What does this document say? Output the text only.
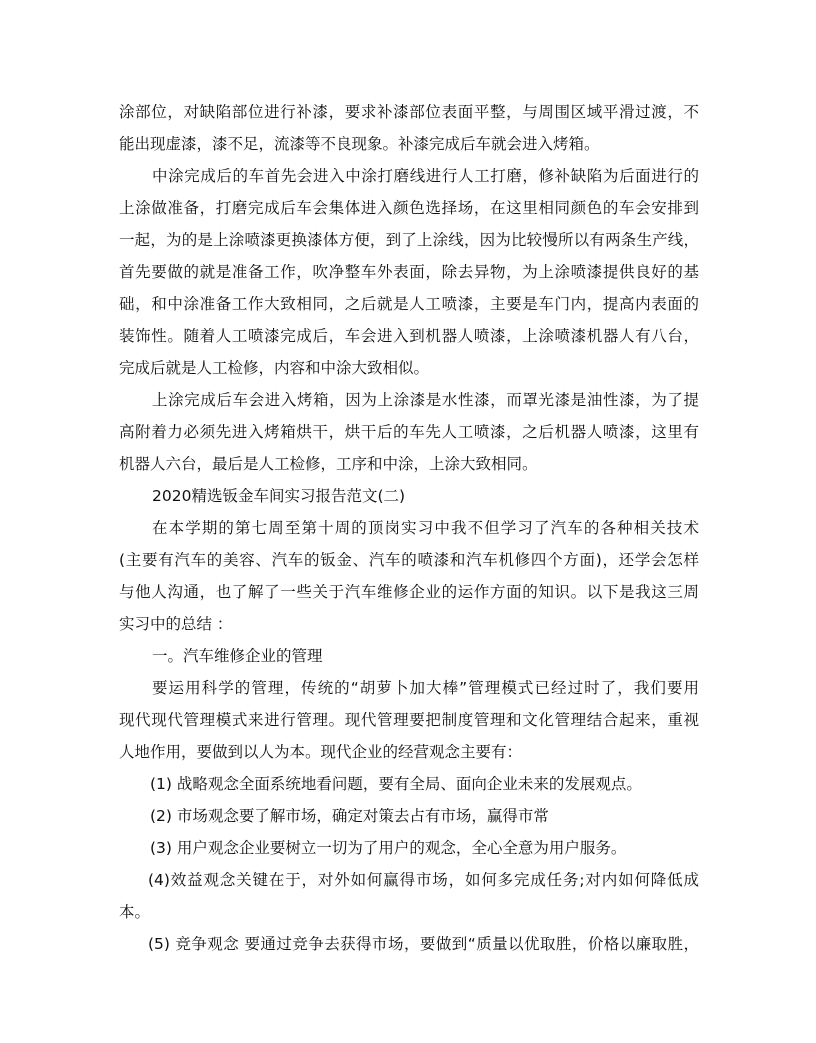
涂部位，对缺陷部位进行补漆，要求补漆部位表面平整，与周围区域平滑过渡，不
能出现虚漆，漆不足，流漆等不良现象。补漆完成后车就会进入烤箱。
中涂完成后的车首先会进入中涂打磨线进行人工打磨，修补缺陷为后面进行的
上涂做准备，打磨完成后车会集体进入颜色选择场，在这里相同颜色的车会安排到
一起，为的是上涂喷漆更换漆体方便，到了上涂线，因为比较慢所以有两条生产线，
首先要做的就是准备工作，吹净整车外表面，除去异物，为上涂喷漆提供良好的基
础，和中涂准备工作大致相同，之后就是人工喷漆，主要是车门内，提高内表面的
装饰性。随着人工喷漆完成后，车会进入到机器人喷漆，上涂喷漆机器人有八台，
完成后就是人工检修，内容和中涂大致相似。
上涂完成后车会进入烤箱，因为上涂漆是水性漆，而罩光漆是油性漆，为了提
高附着力必须先进入烤箱烘干，烘干后的车先人工喷漆，之后机器人喷漆，这里有
机器人六台，最后是人工检修，工序和中涂，上涂大致相同。
2020精选钣金车间实习报告范文(二)
在本学期的第七周至第十周的顶岗实习中我不但学习了汽车的各种相关技术
(主要有汽车的美容、汽车的钣金、汽车的喷漆和汽车机修四个方面)，还学会怎样
与他人沟通，也了解了一些关于汽车维修企业的运作方面的知识。以下是我这三周
实习中的总结 ：
一。汽车维修企业的管理
要运用科学的管理，传统的“胡萝卜加大棒”管理模式已经过时了，我们要用
现代现代管理模式来进行管理。现代管理要把制度管理和文化管理结合起来，重视
人地作用，要做到以人为本。现代企业的经营观念主要有：
(1) 战略观念全面系统地看问题，要有全局、面向企业未来的发展观点。
(2) 市场观念要了解市场，确定对策去占有市场，赢得市常
(3) 用户观念企业要树立一切为了用户的观念，全心全意为用户服务。
(4)效益观念关键在于，对外如何赢得市场，如何多完成任务;对内如何降低成
本。
(5) 竞争观念 要通过竞争去获得市场，要做到“质量以优取胜，价格以廉取胜，
